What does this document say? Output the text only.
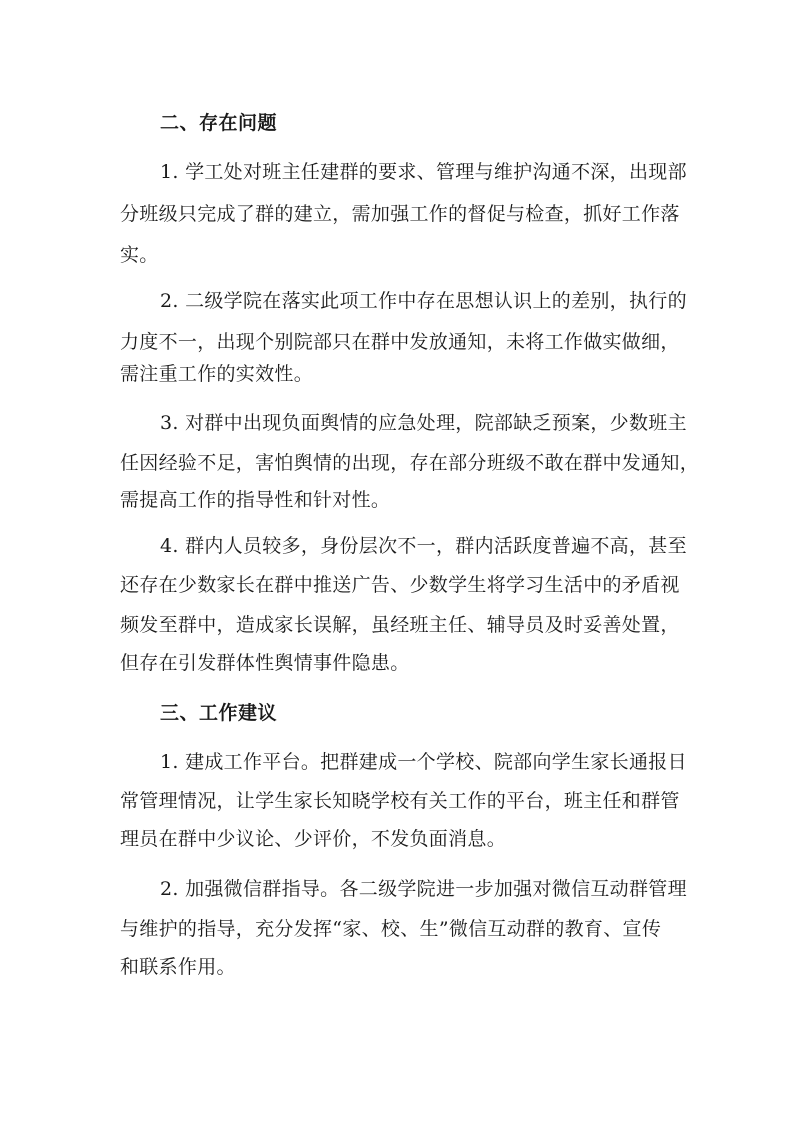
二、存在问题
1. 学工处对班主任建群的要求、管理与维护沟通不深，出现部
分班级只完成了群的建立，需加强工作的督促与检查，抓好工作落
实。
2. 二级学院在落实此项工作中存在思想认识上的差别，执行的
力度不一，出现个别院部只在群中发放通知，未将工作做实做细，
需注重工作的实效性。
3. 对群中出现负面舆情的应急处理，院部缺乏预案，少数班主
任因经验不足，害怕舆情的出现，存在部分班级不敢在群中发通知，
需提高工作的指导性和针对性。
4. 群内人员较多，身份层次不一，群内活跃度普遍不高，甚至
还存在少数家长在群中推送广告、少数学生将学习生活中的矛盾视
频发至群中，造成家长误解，虽经班主任、辅导员及时妥善处置，
但存在引发群体性舆情事件隐患。
三、工作建议
1. 建成工作平台。把群建成一个学校、院部向学生家长通报日
常管理情况，让学生家长知晓学校有关工作的平台，班主任和群管
理员在群中少议论、少评价，不发负面消息。
2. 加强微信群指导。各二级学院进一步加强对微信互动群管理
与维护的指导，充分发挥“家、校、生”微信互动群的教育、宣传
和联系作用。
